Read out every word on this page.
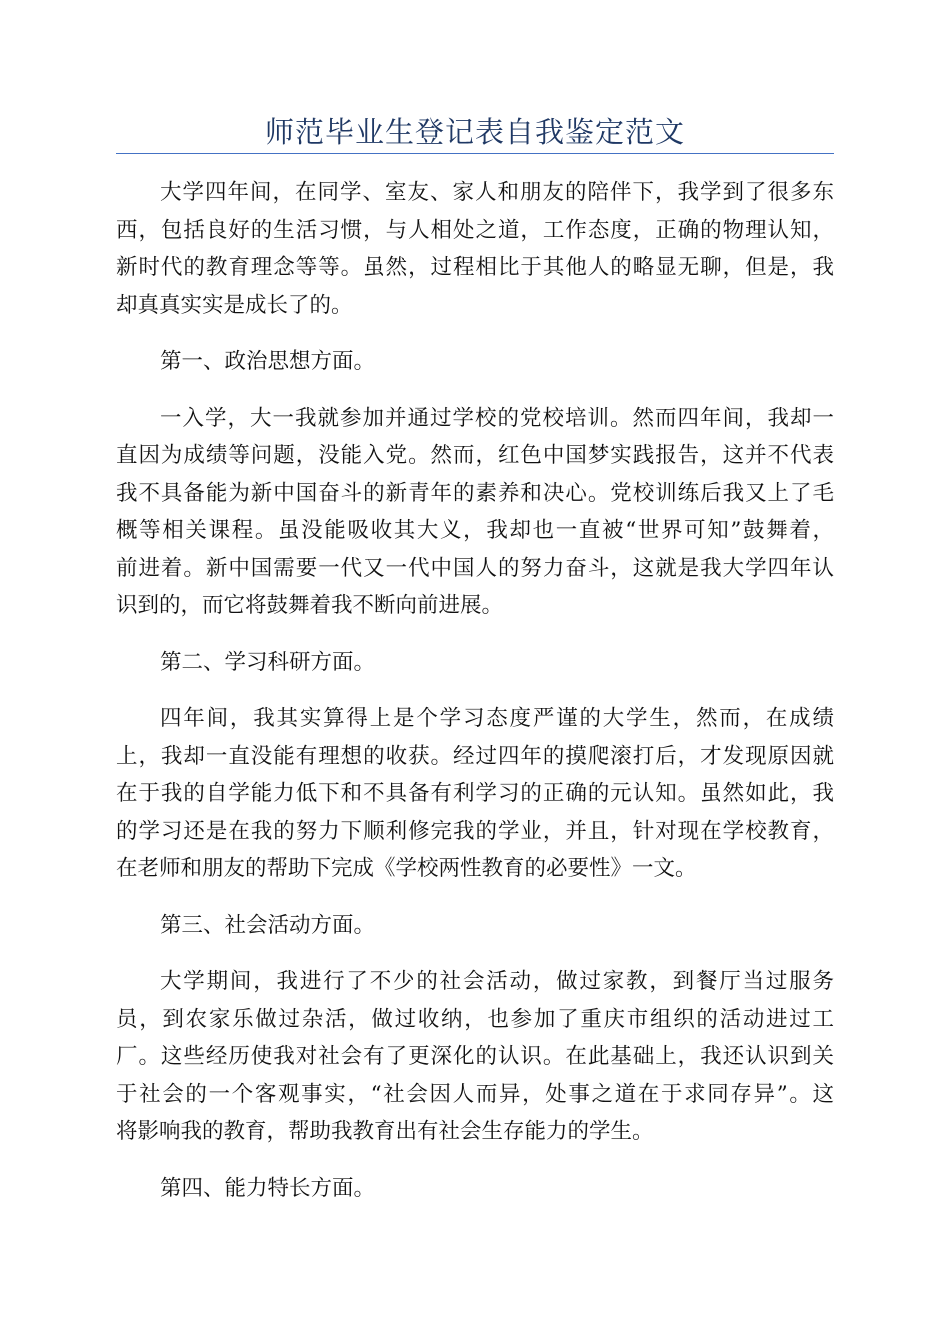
师范毕业生登记表自我鉴定范文

大学四年间，在同学、室友、家人和朋友的陪伴下，我学到了很多东
西，包括良好的生活习惯，与人相处之道，工作态度，正确的物理认知，
新时代的教育理念等等。虽然，过程相比于其他人的略显无聊，但是，我
却真真实实是成长了的。

第一、政治思想方面。

一入学，大一我就参加并通过学校的党校培训。然而四年间，我却一
直因为成绩等问题，没能入党。然而，红色中国梦实践报告，这并不代表
我不具备能为新中国奋斗的新青年的素养和决心。党校训练后我又上了毛
概等相关课程。虽没能吸收其大义，我却也一直被“世界可知”鼓舞着，
前进着。新中国需要一代又一代中国人的努力奋斗，这就是我大学四年认
识到的，而它将鼓舞着我不断向前进展。

第二、学习科研方面。

四年间，我其实算得上是个学习态度严谨的大学生，然而，在成绩
上，我却一直没能有理想的收获。经过四年的摸爬滚打后，才发现原因就
在于我的自学能力低下和不具备有利学习的正确的元认知。虽然如此，我
的学习还是在我的努力下顺利修完我的学业，并且，针对现在学校教育，
在老师和朋友的帮助下完成《学校两性教育的必要性》一文。

第三、社会活动方面。

大学期间，我进行了不少的社会活动，做过家教，到餐厅当过服务
员，到农家乐做过杂活，做过收纳，也参加了重庆市组织的活动进过工
厂。这些经历使我对社会有了更深化的认识。在此基础上，我还认识到关
于社会的一个客观事实，“社会因人而异，处事之道在于求同存异”。这
将影响我的教育，帮助我教育出有社会生存能力的学生。

第四、能力特长方面。
